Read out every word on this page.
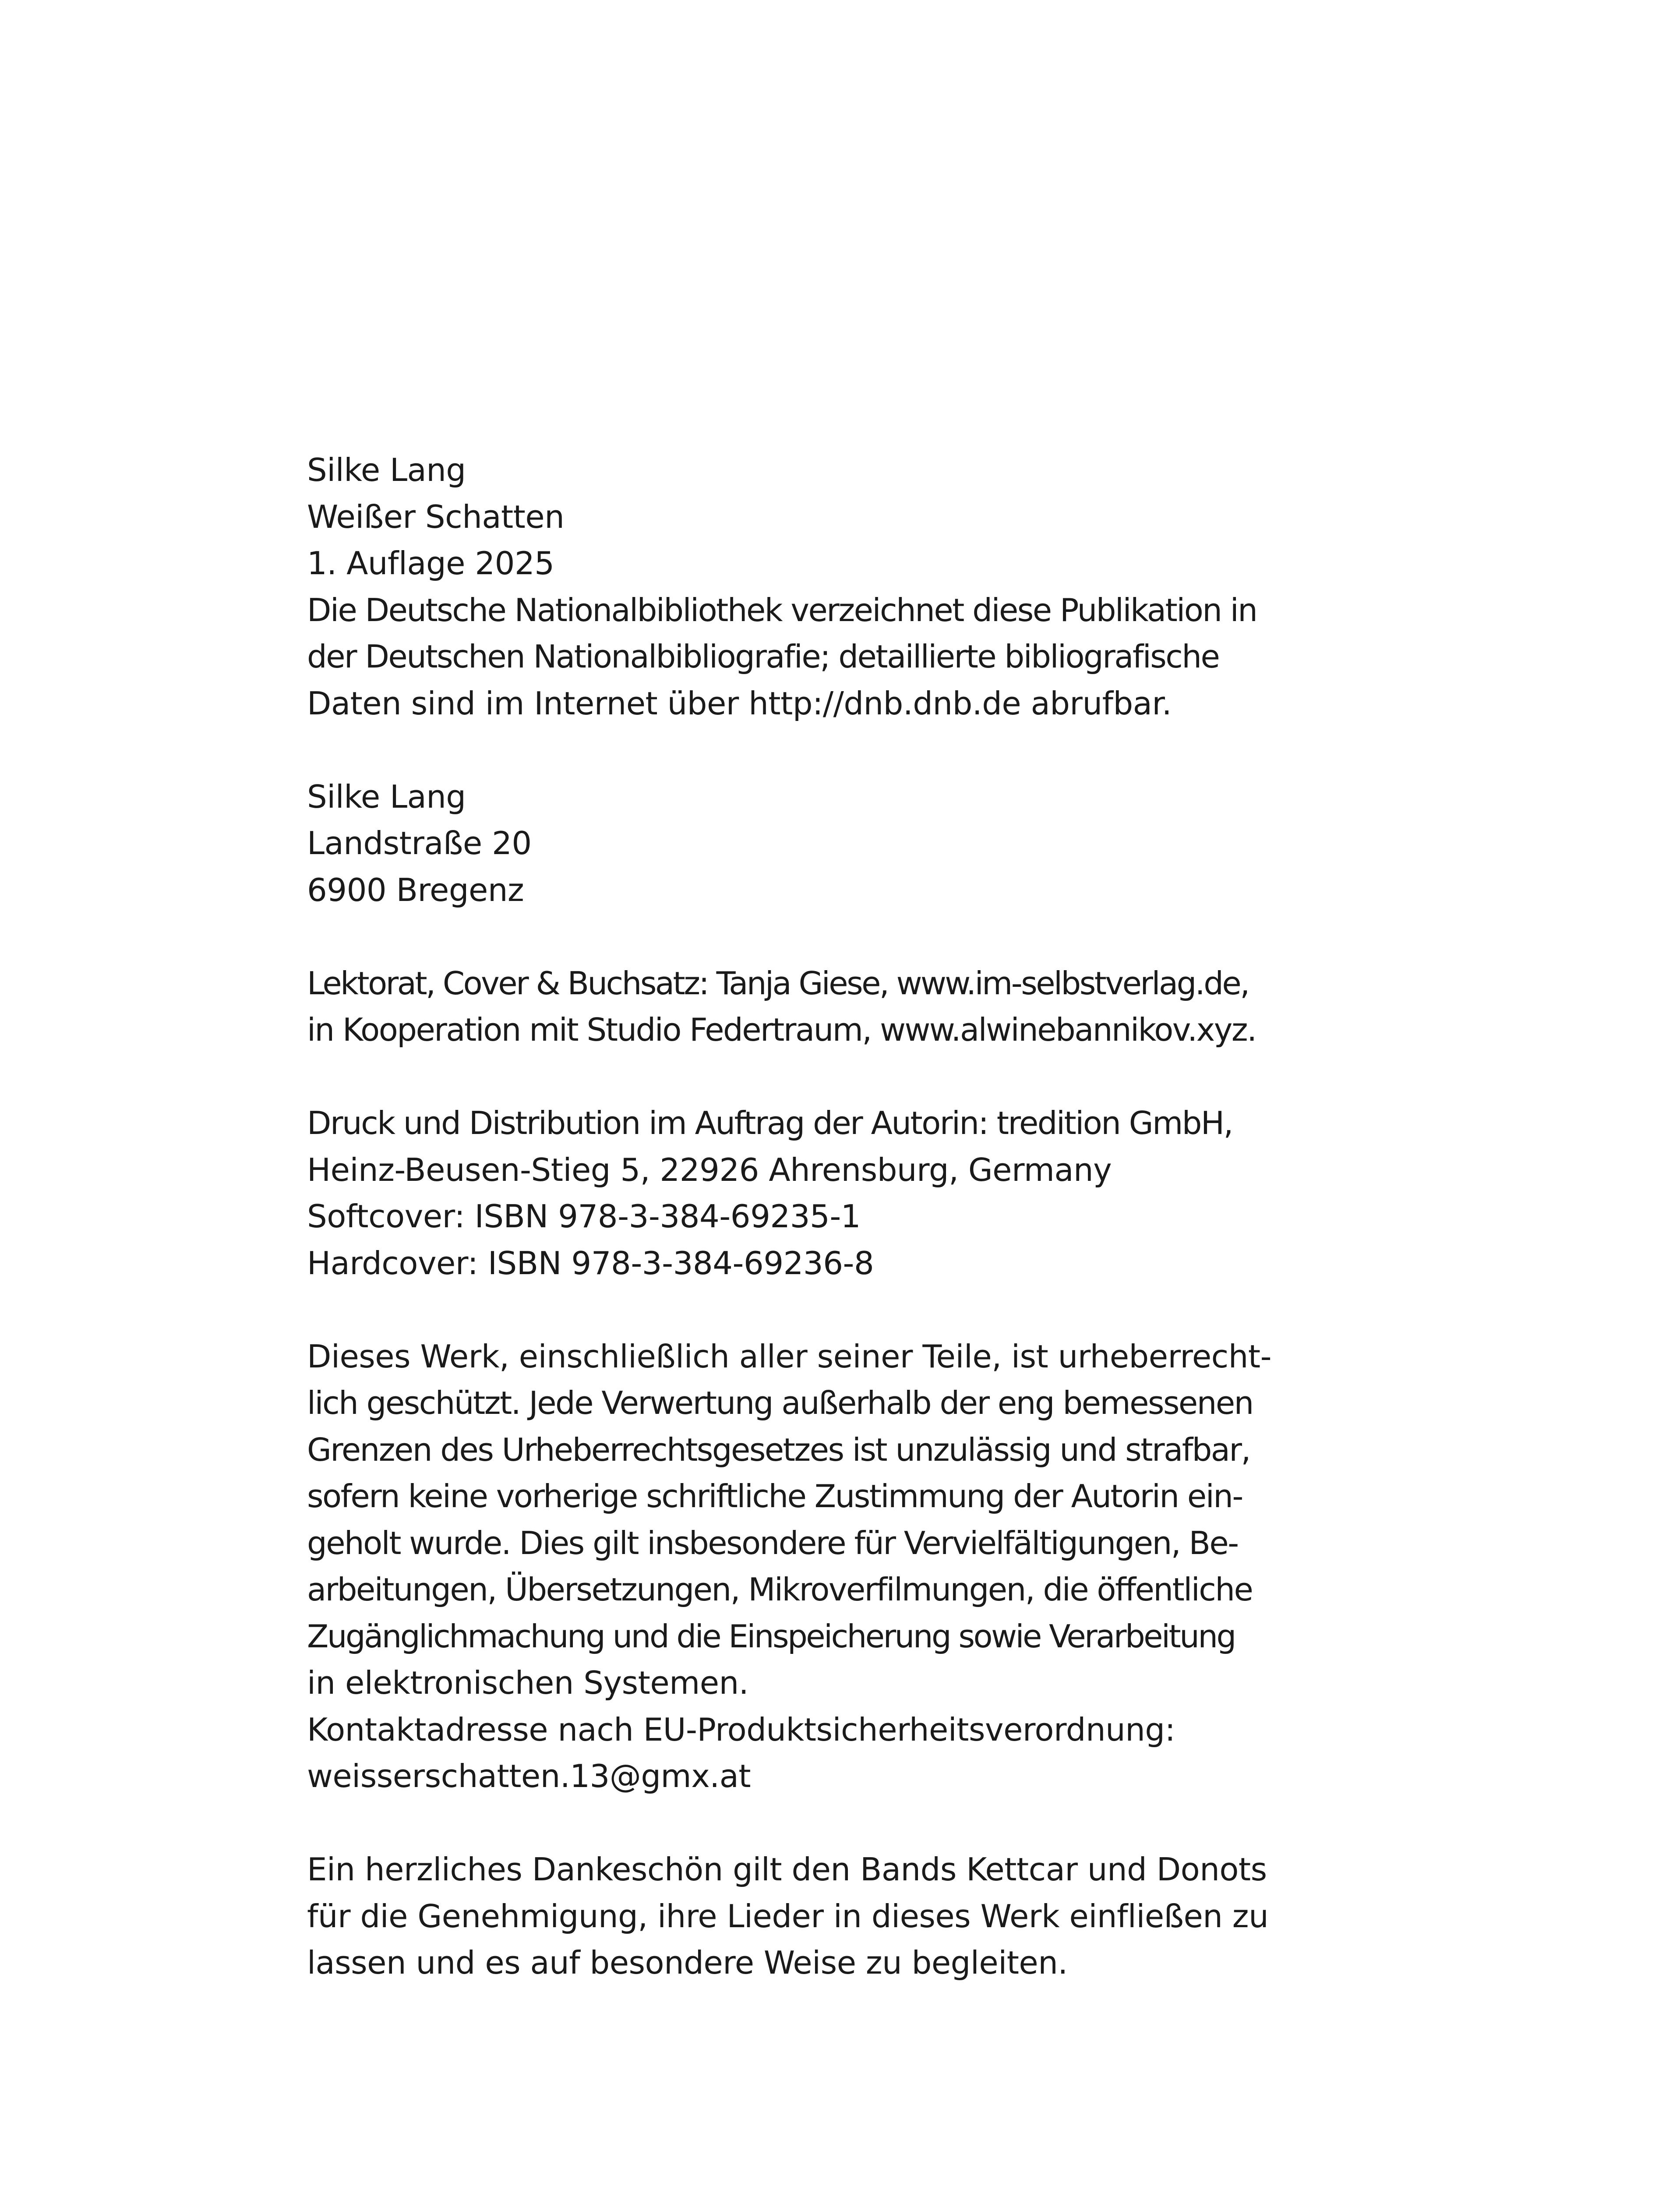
Silke Lang
Weißer Schatten
1. Auflage 2025
Die Deutsche Nationalbibliothek verzeichnet diese Publikation in
der Deutschen Nationalbibliografie; detaillierte bibliografische
Daten sind im Internet über http://dnb.dnb.de abrufbar.
Silke Lang
Landstraße 20
6900 Bregenz
Lektorat, Cover & Buchsatz: Tanja Giese, www.im-selbstverlag.de,
in Kooperation mit Studio Federtraum, www.alwinebannikov.xyz.
Druck und Distribution im Auftrag der Autorin: tredition GmbH,
Heinz-Beusen-Stieg 5, 22926 Ahrensburg, Germany
Softcover: ISBN 978-3-384-69235-1
Hardcover: ISBN 978-3-384-69236-8
Dieses Werk, einschließlich aller seiner Teile, ist urheberrecht-
lich geschützt. Jede Verwertung außerhalb der eng bemessenen
Grenzen des Urheberrechtsgesetzes ist unzulässig und strafbar,
sofern keine vorherige schriftliche Zustimmung der Autorin ein-
geholt wurde. Dies gilt insbesondere für Vervielfältigungen, Be-
arbeitungen, Übersetzungen, Mikroverfilmungen, die öffentliche
Zugänglichmachung und die Einspeicherung sowie Verarbeitung
in elektronischen Systemen.
Kontaktadresse nach EU-Produktsicherheitsverordnung:
weisserschatten.13@gmx.at
Ein herzliches Dankeschön gilt den Bands Kettcar und Donots
für die Genehmigung, ihre Lieder in dieses Werk einfließen zu
lassen und es auf besondere Weise zu begleiten.
